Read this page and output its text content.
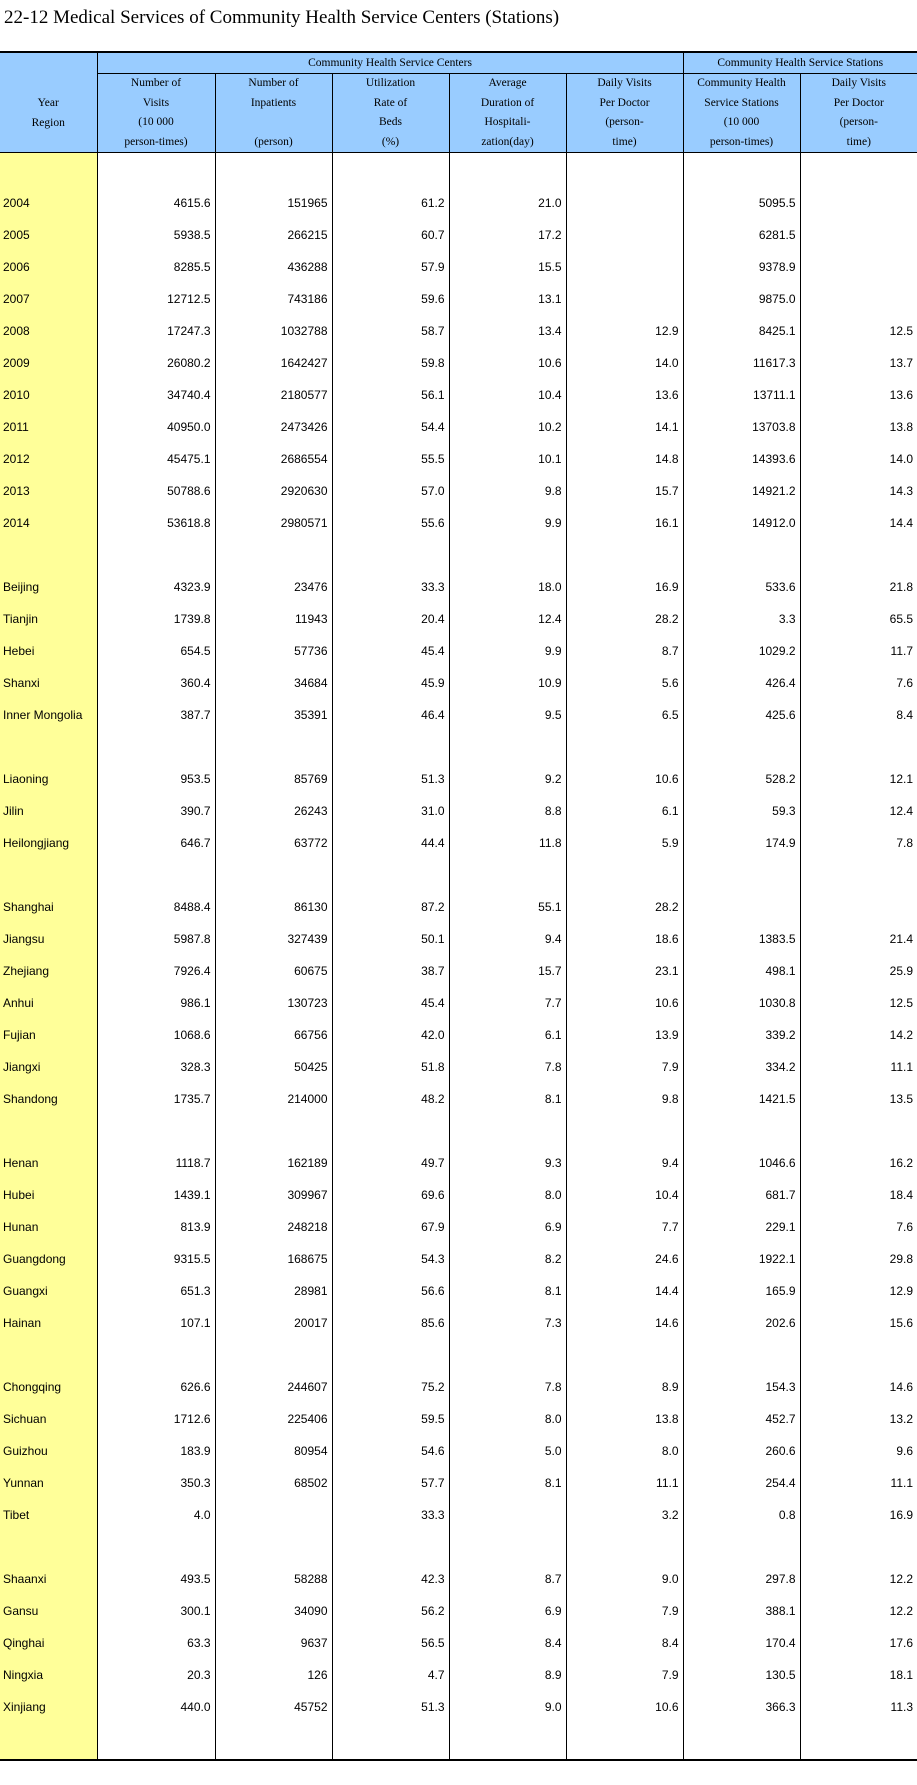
22-12 Medical Services of Community Health Service Centers (Stations)
Year
Region	Community Health Service Centers					Community Health Service Stations	
	Number of
Visits
(10 000
person-times)	Number of
Inpatients

(person)	Utilization
Rate of
Beds
(%)	Average
Duration of
Hospitali-
zation(day)	Daily Visits
Per Doctor
(person-
time)	Community Health
Service Stations
(10 000
person-times)	Daily Visits
Per Doctor
(person-
time)

2004	4615.6	151965	61.2	21.0		5095.5	
2005	5938.5	266215	60.7	17.2		6281.5	
2006	8285.5	436288	57.9	15.5		9378.9	
2007	12712.5	743186	59.6	13.1		9875.0	
2008	17247.3	1032788	58.7	13.4	12.9	8425.1	12.5
2009	26080.2	1642427	59.8	10.6	14.0	11617.3	13.7
2010	34740.4	2180577	56.1	10.4	13.6	13711.1	13.6
2011	40950.0	2473426	54.4	10.2	14.1	13703.8	13.8
2012	45475.1	2686554	55.5	10.1	14.8	14393.6	14.0
2013	50788.6	2920630	57.0	9.8	15.7	14921.2	14.3
2014	53618.8	2980571	55.6	9.9	16.1	14912.0	14.4

Beijing	4323.9	23476	33.3	18.0	16.9	533.6	21.8
Tianjin	1739.8	11943	20.4	12.4	28.2	3.3	65.5
Hebei	654.5	57736	45.4	9.9	8.7	1029.2	11.7
Shanxi	360.4	34684	45.9	10.9	5.6	426.4	7.6
Inner Mongolia	387.7	35391	46.4	9.5	6.5	425.6	8.4

Liaoning	953.5	85769	51.3	9.2	10.6	528.2	12.1
Jilin	390.7	26243	31.0	8.8	6.1	59.3	12.4
Heilongjiang	646.7	63772	44.4	11.8	5.9	174.9	7.8

Shanghai	8488.4	86130	87.2	55.1	28.2		
Jiangsu	5987.8	327439	50.1	9.4	18.6	1383.5	21.4
Zhejiang	7926.4	60675	38.7	15.7	23.1	498.1	25.9
Anhui	986.1	130723	45.4	7.7	10.6	1030.8	12.5
Fujian	1068.6	66756	42.0	6.1	13.9	339.2	14.2
Jiangxi	328.3	50425	51.8	7.8	7.9	334.2	11.1
Shandong	1735.7	214000	48.2	8.1	9.8	1421.5	13.5

Henan	1118.7	162189	49.7	9.3	9.4	1046.6	16.2
Hubei	1439.1	309967	69.6	8.0	10.4	681.7	18.4
Hunan	813.9	248218	67.9	6.9	7.7	229.1	7.6
Guangdong	9315.5	168675	54.3	8.2	24.6	1922.1	29.8
Guangxi	651.3	28981	56.6	8.1	14.4	165.9	12.9
Hainan	107.1	20017	85.6	7.3	14.6	202.6	15.6

Chongqing	626.6	244607	75.2	7.8	8.9	154.3	14.6
Sichuan	1712.6	225406	59.5	8.0	13.8	452.7	13.2
Guizhou	183.9	80954	54.6	5.0	8.0	260.6	9.6
Yunnan	350.3	68502	57.7	8.1	11.1	254.4	11.1
Tibet	4.0		33.3		3.2	0.8	16.9

Shaanxi	493.5	58288	42.3	8.7	9.0	297.8	12.2
Gansu	300.1	34090	56.2	6.9	7.9	388.1	12.2
Qinghai	63.3	9637	56.5	8.4	8.4	170.4	17.6
Ningxia	20.3	126	4.7	8.9	7.9	130.5	18.1
Xinjiang	440.0	45752	51.3	9.0	10.6	366.3	11.3
